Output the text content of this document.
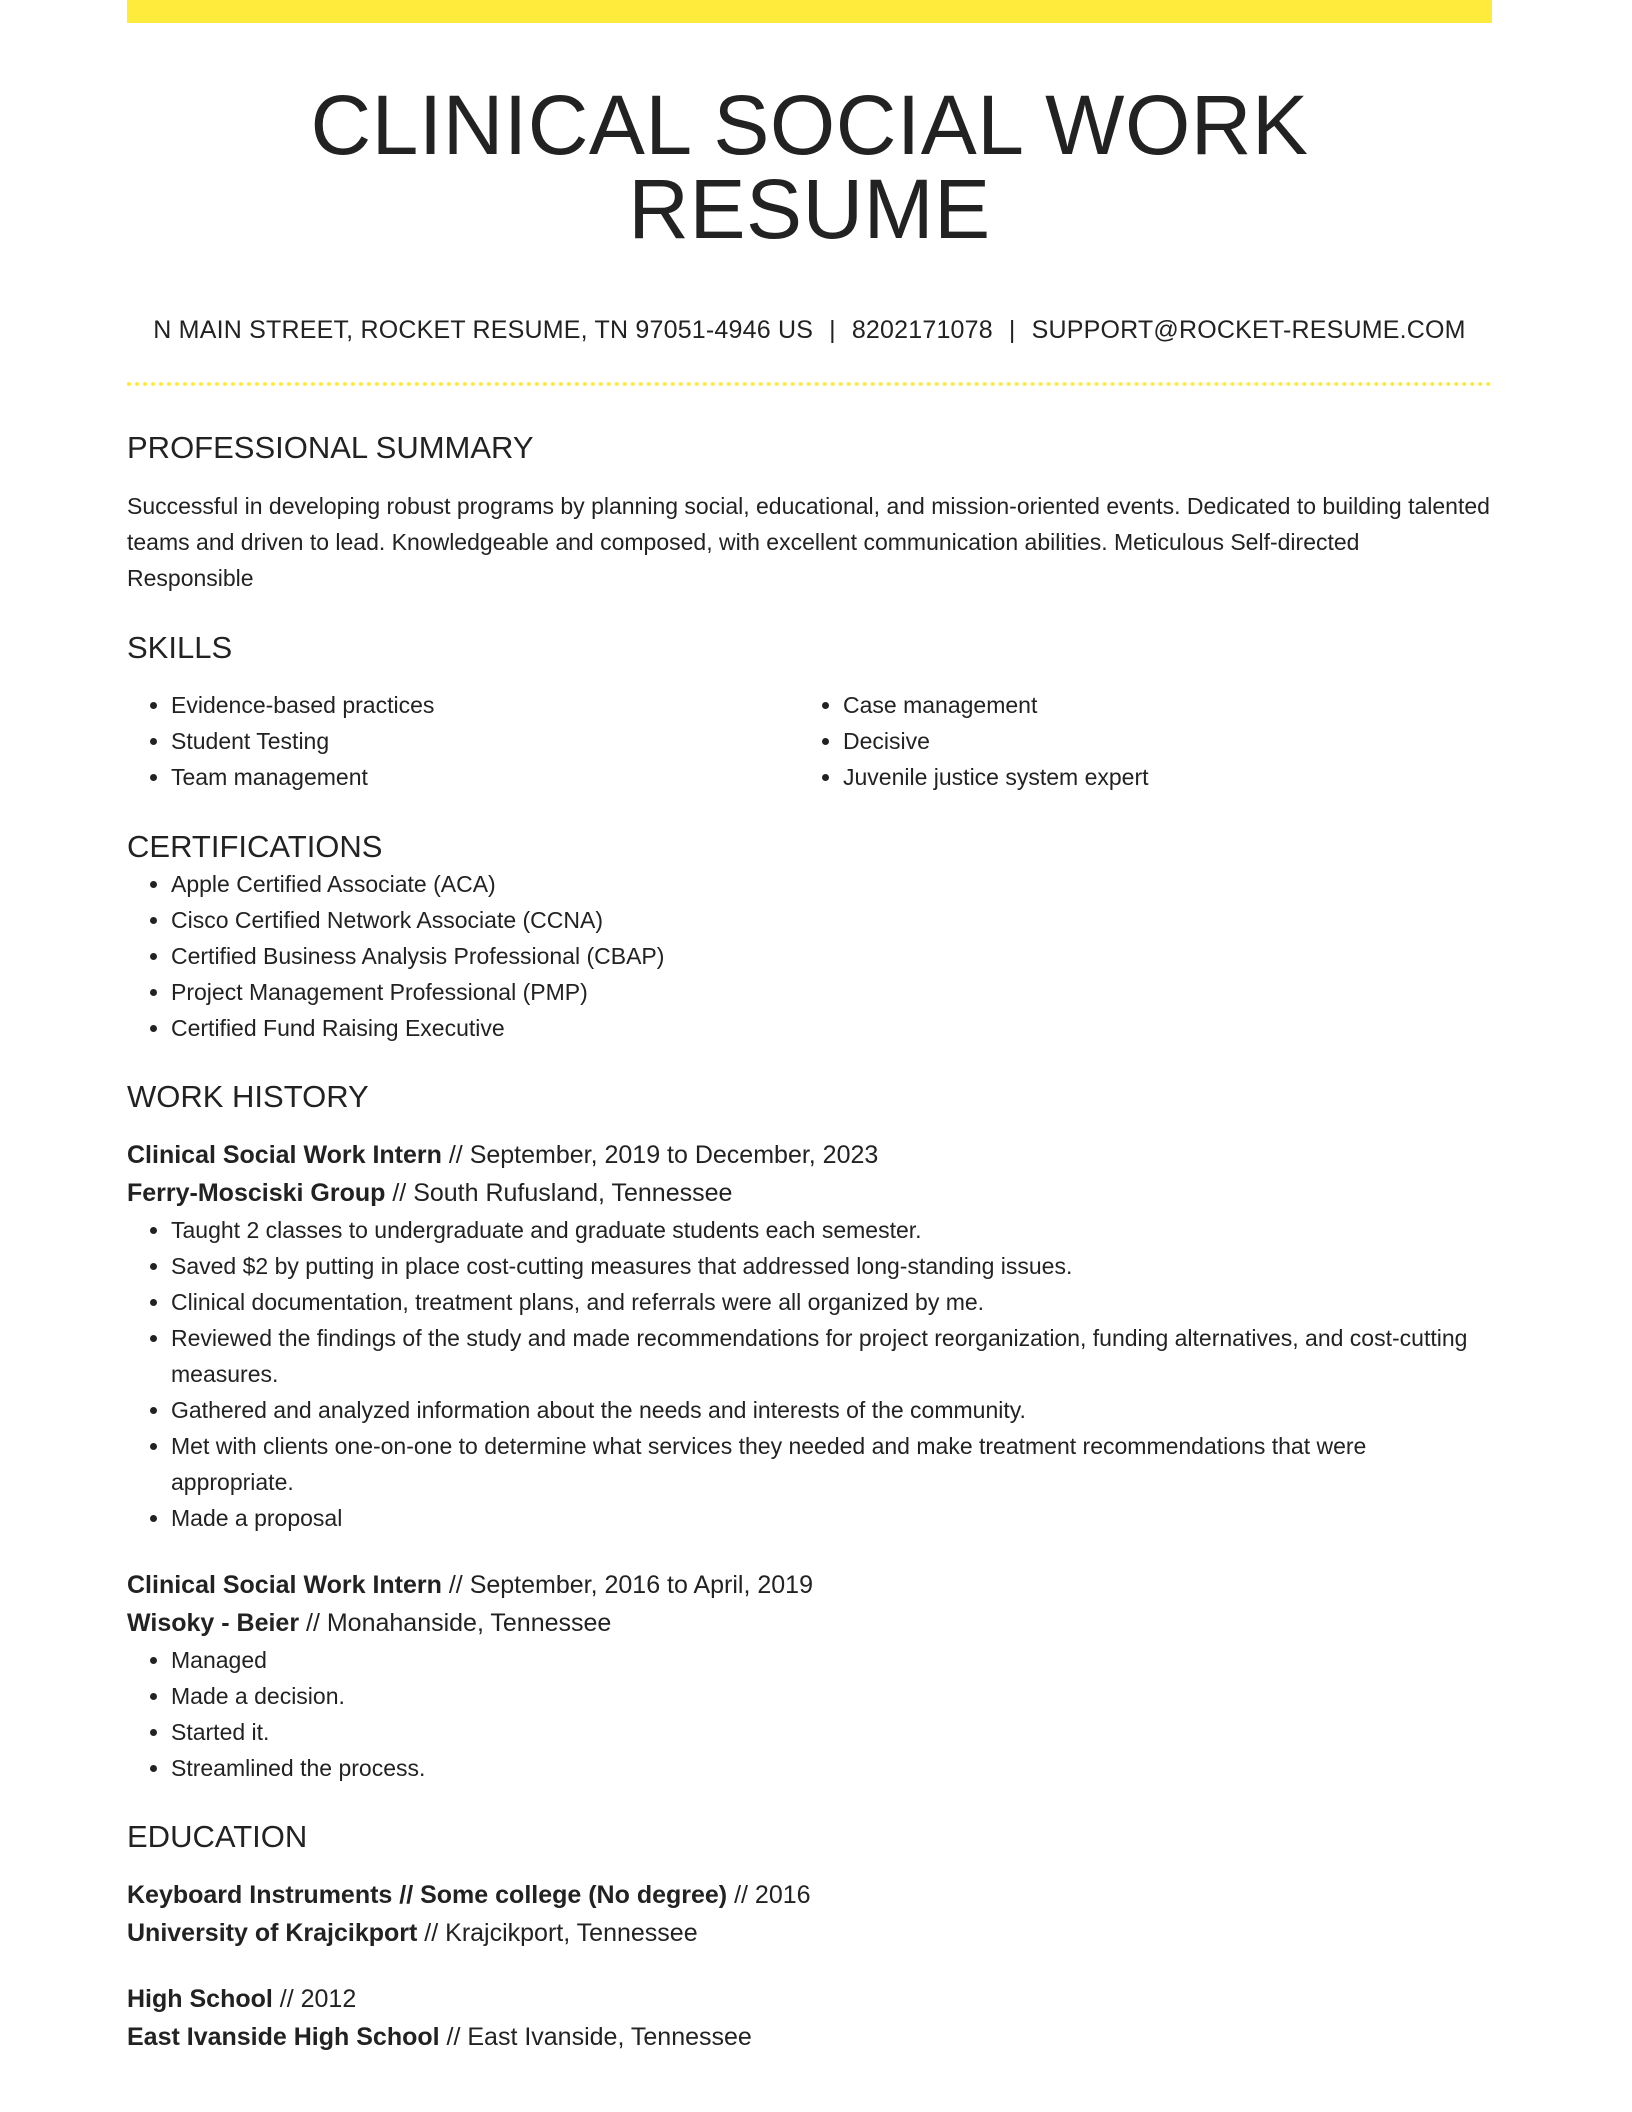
CLINICAL SOCIAL WORK RESUME
N MAIN STREET, ROCKET RESUME, TN 97051-4946 US | 8202171078 | SUPPORT@ROCKET-RESUME.COM
PROFESSIONAL SUMMARY

Successful in developing robust programs by planning social, educational, and mission-oriented events. Dedicated to building talented teams and driven to lead. Knowledgeable and composed, with excellent communication abilities. Meticulous Self-directed Responsible

SKILLS
• Evidence-based practices
• Student Testing
• Team management
• Case management
• Decisive
• Juvenile justice system expert
CERTIFICATIONS
• Apple Certified Associate (ACA)
• Cisco Certified Network Associate (CCNA)
• Certified Business Analysis Professional (CBAP)
• Project Management Professional (PMP)
• Certified Fund Raising Executive
WORK HISTORY
Clinical Social Work Intern // September, 2019 to December, 2023
Ferry-Mosciski Group // South Rufusland, Tennessee
• Taught 2 classes to undergraduate and graduate students each semester.
• Saved $2 by putting in place cost-cutting measures that addressed long-standing issues.
• Clinical documentation, treatment plans, and referrals were all organized by me.
• Reviewed the findings of the study and made recommendations for project reorganization, funding alternatives, and cost-cutting measures.
• Gathered and analyzed information about the needs and interests of the community.
• Met with clients one-on-one to determine what services they needed and make treatment recommendations that were appropriate.
• Made a proposal
Clinical Social Work Intern // September, 2016 to April, 2019
Wisoky - Beier // Monahanside, Tennessee
• Managed
• Made a decision.
• Started it.
• Streamlined the process.
EDUCATION
Keyboard Instruments // Some college (No degree) // 2016
University of Krajcikport // Krajcikport, Tennessee
High School // 2012
East Ivanside High School // East Ivanside, Tennessee
